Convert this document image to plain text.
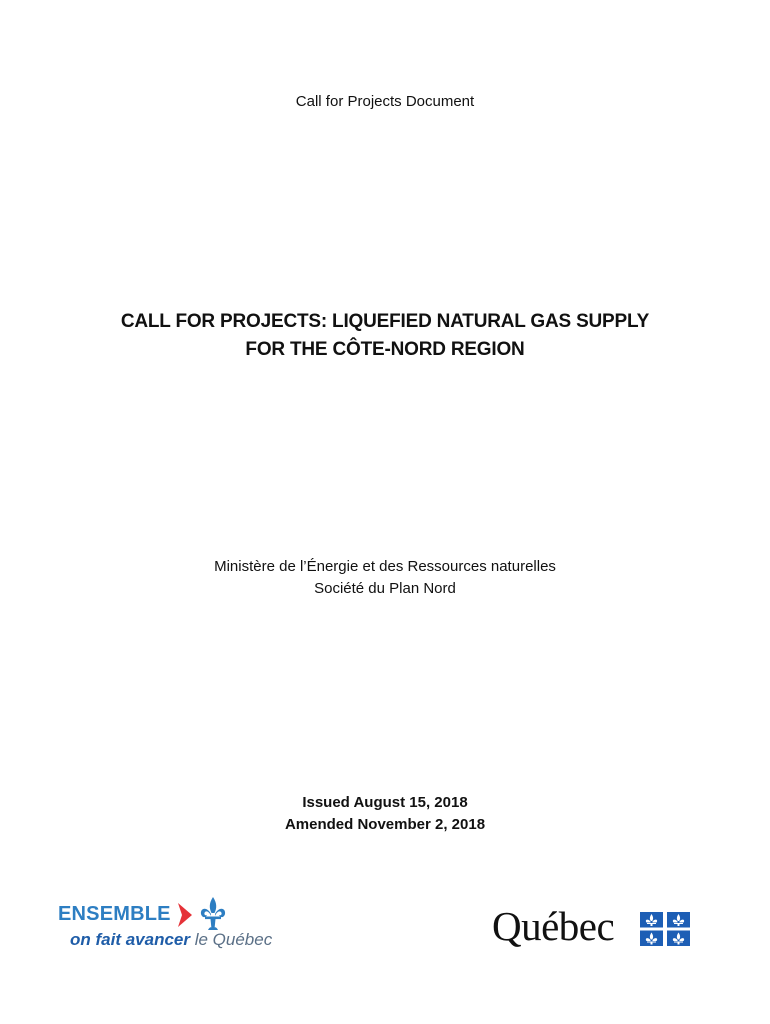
Call for Projects Document
CALL FOR PROJECTS: LIQUEFIED NATURAL GAS SUPPLY
FOR THE CÔTE-NORD REGION
Ministère de l’Énergie et des Ressources naturelles
Société du Plan Nord
Issued August 15, 2018
Amended November 2, 2018
ENSEMBLE
on fait avancer le Québec	Québec
